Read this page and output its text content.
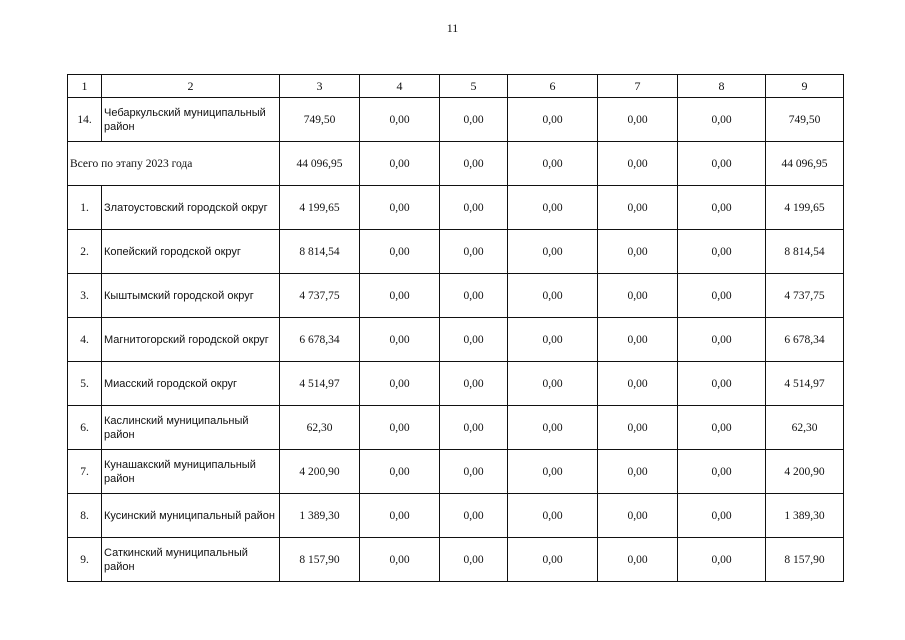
11
1	2	3	4	5	6	7	8	9
14.	Чебаркульский муниципальный район	749,50	0,00	0,00	0,00	0,00	0,00	749,50
Всего по этапу 2023 года		44 096,95	0,00	0,00	0,00	0,00	0,00	44 096,95
1.	Златоустовский городской округ	4 199,65	0,00	0,00	0,00	0,00	0,00	4 199,65
2.	Копейский городской округ	8 814,54	0,00	0,00	0,00	0,00	0,00	8 814,54
3.	Кыштымский городской округ	4 737,75	0,00	0,00	0,00	0,00	0,00	4 737,75
4.	Магнитогорский городской округ	6 678,34	0,00	0,00	0,00	0,00	0,00	6 678,34
5.	Миасский городской округ	4 514,97	0,00	0,00	0,00	0,00	0,00	4 514,97
6.	Каслинский муниципальный район	62,30	0,00	0,00	0,00	0,00	0,00	62,30
7.	Кунашакский муниципальный район	4 200,90	0,00	0,00	0,00	0,00	0,00	4 200,90
8.	Кусинский муниципальный район	1 389,30	0,00	0,00	0,00	0,00	0,00	1 389,30
9.	Саткинский муниципальный район	8 157,90	0,00	0,00	0,00	0,00	0,00	8 157,90
